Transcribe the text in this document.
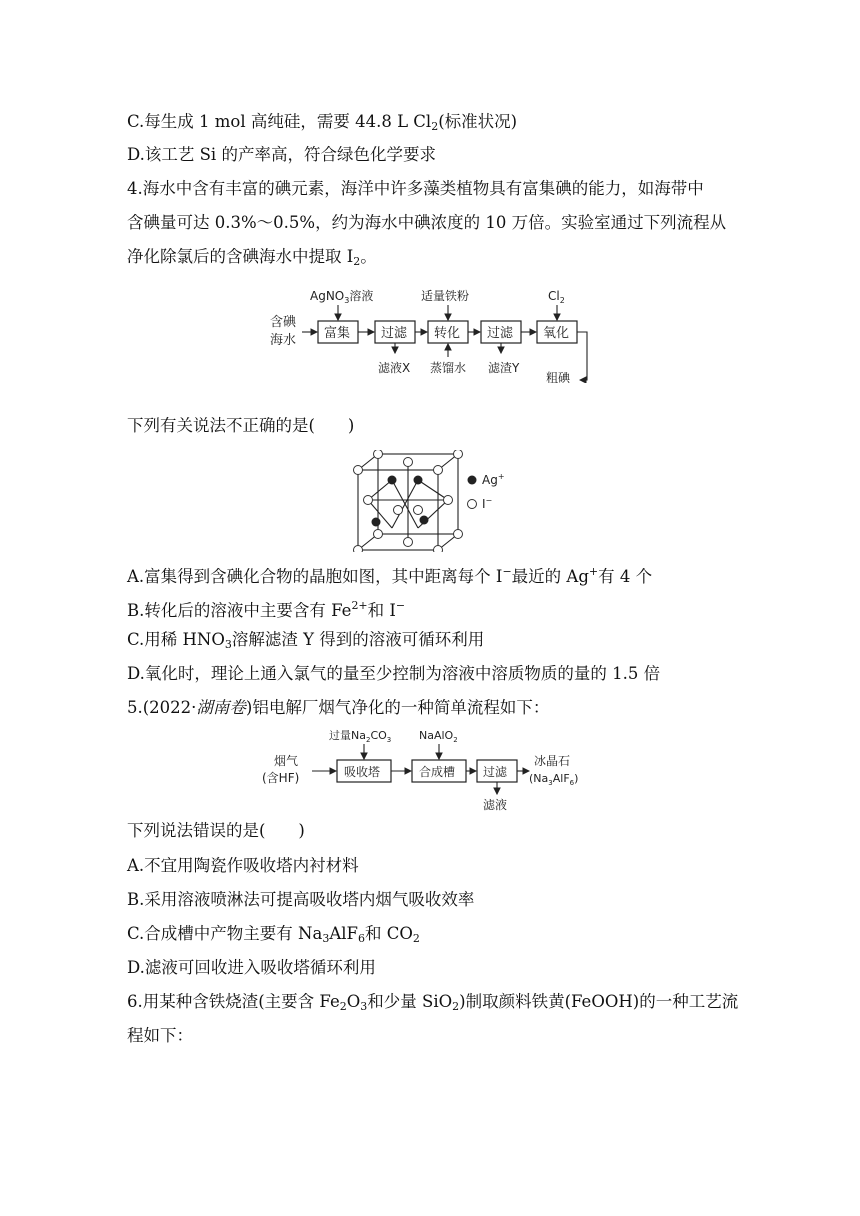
C.每生成 1 mol 高纯硅，需要 44.8 L $Cl_2$(标准状况)
D.该工艺 Si 的产率高，符合绿色化学要求
4.海水中含有丰富的碘元素，海洋中许多藻类植物具有富集碘的能力，如海带中
含碘量可达 0.3%～0.5%，约为海水中碘浓度的 10 万倍。实验室通过下列流程从
净化除氯后的含碘海水中提取 $I_2$。
含碘
海水 富集 过滤 转化 过滤 氧化
AgNO$_3$溶液	适量铁粉	$Cl_2$
滤液X 蒸馏水 滤渣Y
粗碘
下列有关说法不正确的是(　　)
Ag+
I−
A.富集得到含碘化合物的晶胞如图，其中距离每个 I−最近的 Ag+有 4 个
B.转化后的溶液中主要含有 $Fe^{2+}$和 I−
C.用稀 $HNO_3$溶解滤渣 Y 得到的溶液可循环利用
D.氧化时，理论上通入氯气的量至少控制为溶液中溶质物质的量的 1.5 倍
5.(2022·湖南卷)铝电解厂烟气净化的一种简单流程如下：
烟气
(含HF)	吸收塔	合成槽 过滤
过量$Na_2CO_3$	NaAlO$_2$
滤液
冰晶石
$(Na_3AlF_6)$
下列说法错误的是(　　)
A.不宜用陶瓷作吸收塔内衬材料
B.采用溶液喷淋法可提高吸收塔内烟气吸收效率
C.合成槽中产物主要有 $Na_3AlF_6$和 $CO_2$
D.滤液可回收进入吸收塔循环利用
6.用某种含铁烧渣(主要含 $Fe_2O_3$和少量 SiO$_2$)制取颜料铁黄(FeOOH)的一种工艺流
程如下：
